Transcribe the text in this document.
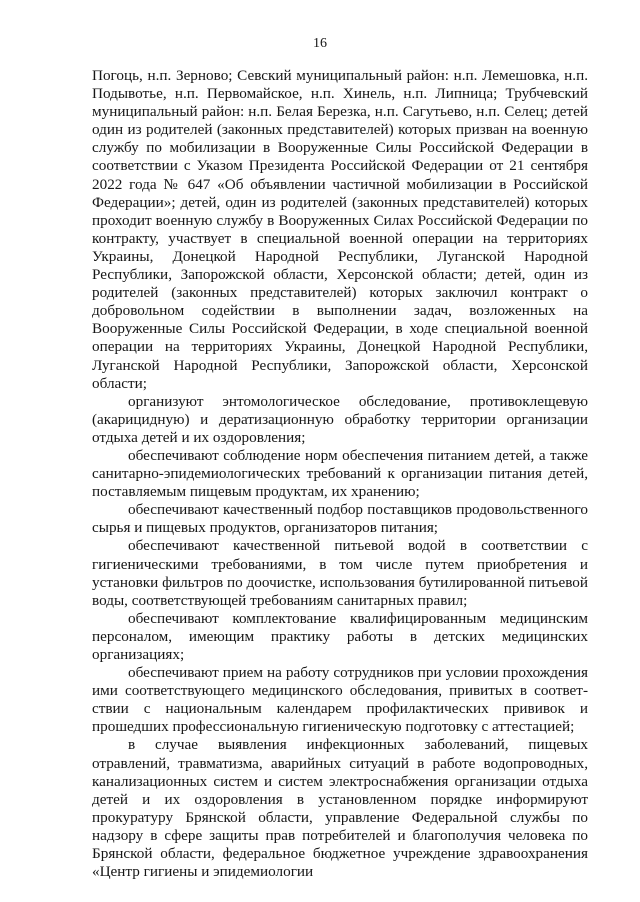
16

Погоць, н.п. Зерново; Севский муниципальный район: н.п. Лемешовка, н.п. Подывотье, н.п. Первомайское, н.п. Хинель, н.п. Липница; Трубчевский муниципальный район: н.п. Белая Березка, н.п. Сагутьево, н.п. Селец; детей один из родителей (законных представителей) которых призван на военную службу по мобилизации в Вооруженные Силы Российской Федерации в соответствии с Указом Президента Российской Федерации от 21 сентября 2022 года № 647 «Об объявлении частичной мобилизации в Российской Федерации»; детей, один из родителей (законных представителей) которых проходит военную службу в Вооруженных Силах Российской Федерации по контракту, участвует в специальной военной операции на территориях Украины, Донецкой Народной Республики, Луганской Народной Республики, Запорожской области, Херсонской области; детей, один из родителей (законных представителей) которых заключил контракт о добровольном содействии в выполнении задач, возложенных на Вооруженные Силы Российской Федерации, в ходе специальной военной операции на территориях Украины, Донецкой Народной Республики, Луганской Народной Республики, Запорожской области, Херсонской области;

организуют энтомологическое обследование, противоклещевую (акарицидную) и дератизационную обработку территории организации отдыха детей и их оздоровления;

обеспечивают соблюдение норм обеспечения питанием детей, а также санитарно-эпидемиологических требований к организации питания детей, поставляемым пищевым продуктам, их хранению;

обеспечивают качественный подбор поставщиков продовольственного сырья и пищевых продуктов, организаторов питания;

обеспечивают качественной питьевой водой в соответствии с гигиеническими требованиями, в том числе путем приобретения и установки фильтров по доочистке, использования бутилированной питьевой воды, соответствующей требованиям санитарных правил;

обеспечивают комплектование квалифицированным медицинским персоналом, имеющим практику работы в детских медицинских организациях;

обеспечивают прием на работу сотрудников при условии прохождения ими соответствующего медицинского обследования, привитых в соответствии с национальным календарем профилактических прививок и прошедших профессиональную гигиеническую подготовку с аттестацией;

в случае выявления инфекционных заболеваний, пищевых отравлений, травматизма, аварийных ситуаций в работе водопроводных, канализационных систем и систем электроснабжения организации отдыха детей и их оздоровления в установленном порядке информируют прокуратуру Брянской области, управление Федеральной службы по надзору в сфере защиты прав потребителей и благополучия человека по Брянской области, федеральное бюджетное учреждение здравоохранения «Центр гигиены и эпидемиологии
